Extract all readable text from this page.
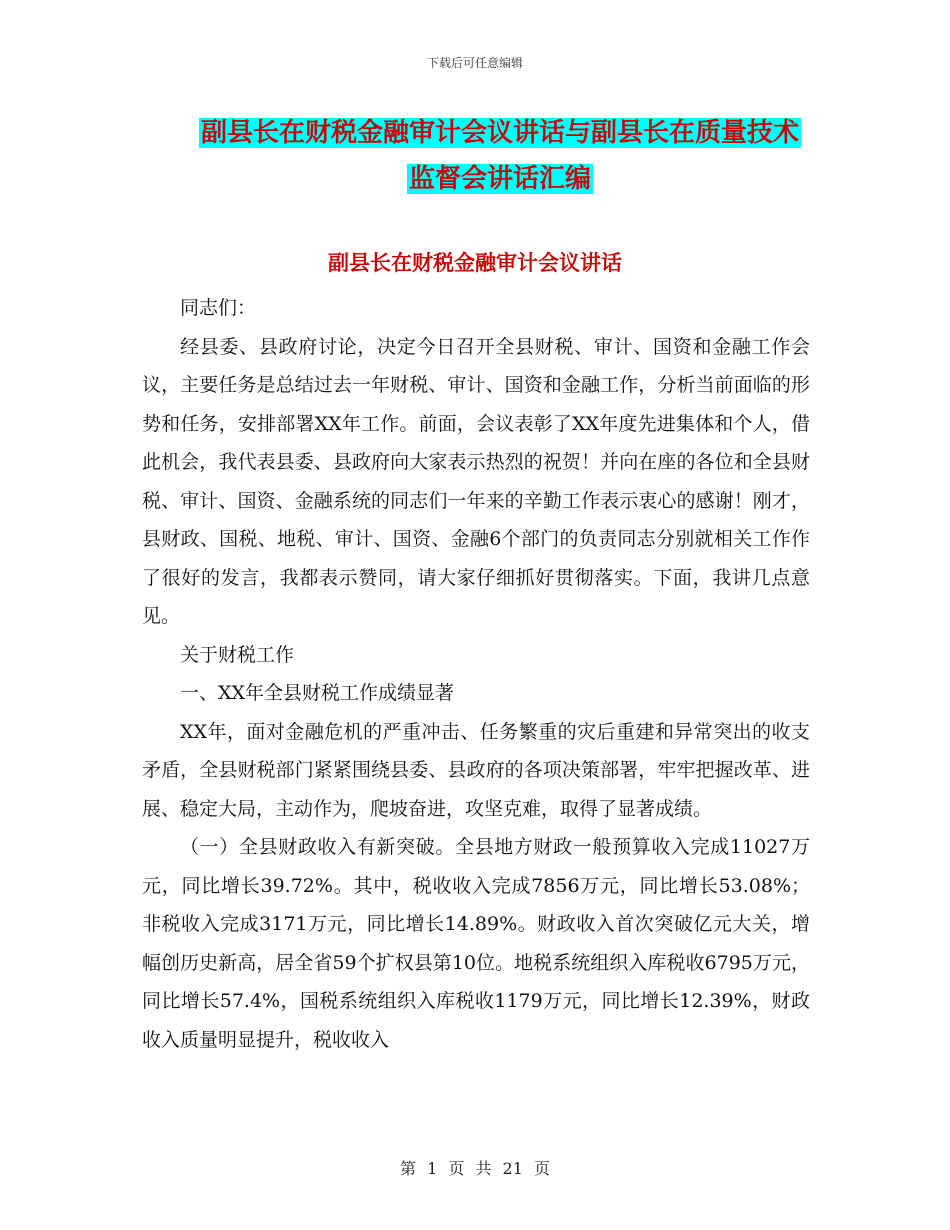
下载后可任意编辑
副县长在财税金融审计会议讲话与副县长在质量技术
监督会讲话汇编
副县长在财税金融审计会议讲话

同志们：

经县委、县政府讨论，决定今日召开全县财税、审计、国资和金融工作会议，主要任务是总结过去一年财税、审计、国资和金融工作，分析当前面临的形势和任务，安排部署XX年工作。前面，会议表彰了XX年度先进集体和个人，借此机会，我代表县委、县政府向大家表示热烈的祝贺！并向在座的各位和全县财税、审计、国资、金融系统的同志们一年来的辛勤工作表示衷心的感谢！刚才，县财政、国税、地税、审计、国资、金融6个部门的负责同志分别就相关工作作了很好的发言，我都表示赞同，请大家仔细抓好贯彻落实。下面，我讲几点意见。

关于财税工作

一、XX年全县财税工作成绩显著

XX年，面对金融危机的严重冲击、任务繁重的灾后重建和异常突出的收支矛盾，全县财税部门紧紧围绕县委、县政府的各项决策部署，牢牢把握改革、进展、稳定大局，主动作为，爬坡奋进，攻坚克难，取得了显著成绩。

（一）全县财政收入有新突破。全县地方财政一般预算收入完成11027万元，同比增长39.72%。其中，税收收入完成7856万元，同比增长53.08%；非税收入完成3171万元，同比增长14.89%。财政收入首次突破亿元大关，增幅创历史新高，居全省59个扩权县第10位。地税系统组织入库税收6795万元，同比增长57.4%，国税系统组织入库税收1179万元，同比增长12.39%，财政收入质量明显提升，税收收入

第 1 页 共 21 页
